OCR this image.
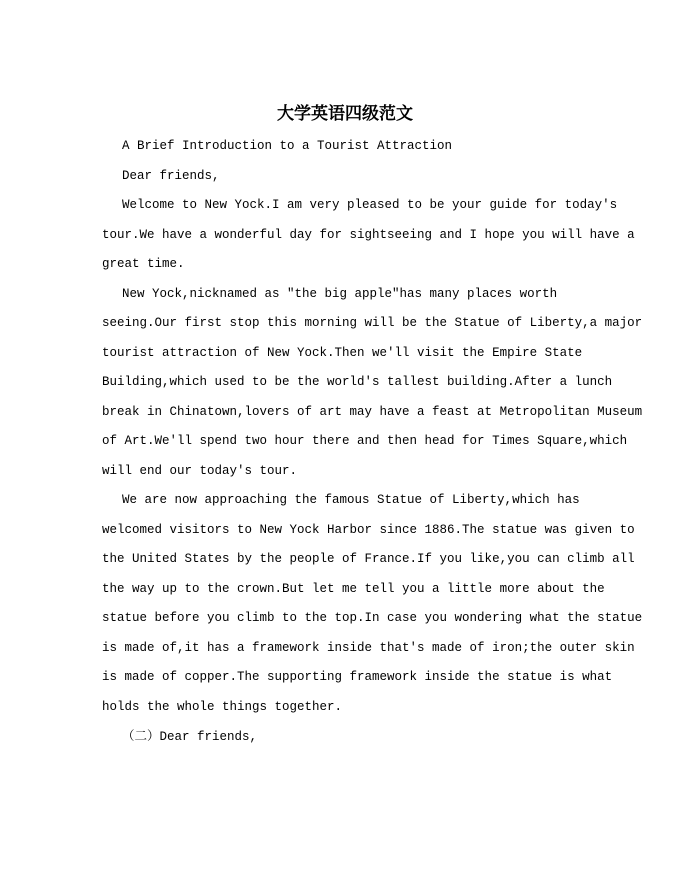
大学英语四级范文
A Brief Introduction to a Tourist Attraction
Dear friends,
Welcome to New Yock.I am very pleased to be your guide for today's
tour.We have a wonderful day for sightseeing and I hope you will have a
great time.
New Yock,nicknamed as "the big apple"has many places worth
seeing.Our first stop this morning will be the Statue of Liberty,a major
tourist attraction of New Yock.Then we'll visit the Empire State
Building,which used to be the world's tallest building.After a lunch
break in Chinatown,lovers of art may have a feast at Metropolitan Museum
of Art.We'll spend two hour there and then head for Times Square,which
will end our today's tour.
We are now approaching the famous Statue of Liberty,which has
welcomed visitors to New Yock Harbor since 1886.The statue was given to
the United States by the people of France.If you like,you can climb all
the way up to the crown.But let me tell you a little more about the
statue before you climb to the top.In case you wondering what the statue
is made of,it has a framework inside that's made of iron;the outer skin
is made of copper.The supporting framework inside the statue is what
holds the whole things together.
（二）Dear friends,
